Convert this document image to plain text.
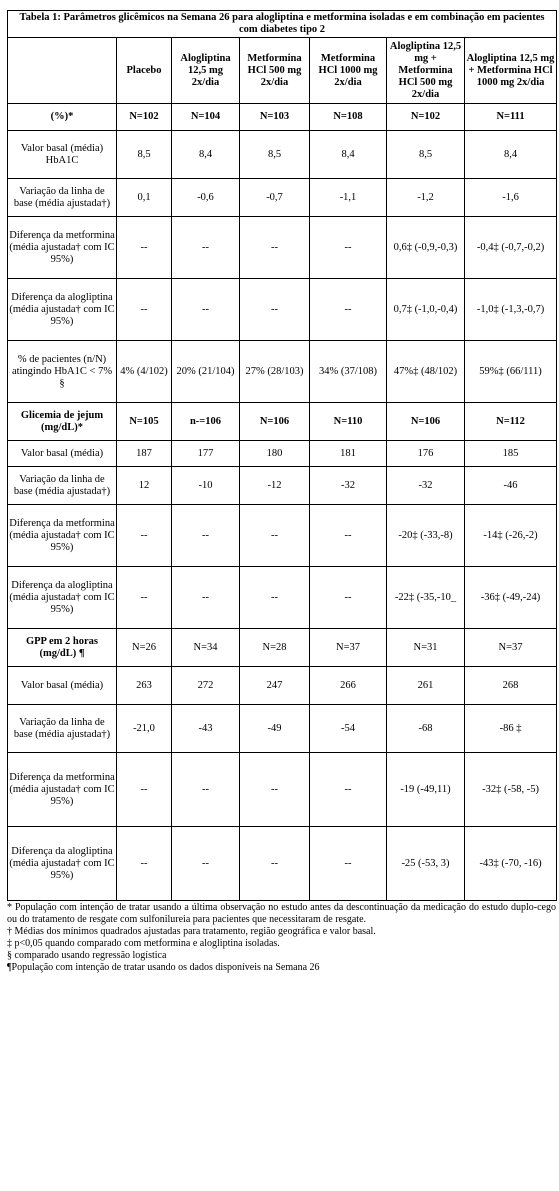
Tabela 1: Parâmetros glicêmicos na Semana 26 para alogliptina e metformina isoladas e em combinação em pacientes com diabetes tipo 2						
	Placebo	Alogliptina 12,5 mg 2x/dia	Metformina HCl 500 mg 2x/dia	Metformina HCl 1000 mg 2x/dia	Alogliptina 12,5 mg + Metformina HCl 500 mg 2x/dia	Alogliptina 12,5 mg + Metformina HCl 1000 mg 2x/dia
(%)*	N=102	N=104	N=103	N=108	N=102	N=111
Valor basal (média) HbA1C	8,5	8,4	8,5	8,4	8,5	8,4
Variação da linha de base (média ajustada†)	0,1	-0,6	-0,7	-1,1	-1,2	-1,6
Diferença da metformina (média ajustada† com IC 95%)	--	--	--	--	0,6‡ (-0,9,-0,3)	-0,4‡ (-0,7,-0,2)
Diferença da alogliptina (média ajustada† com IC 95%)	--	--	--	--	0,7‡ (-1,0,-0,4)	-1,0‡ (-1,3,-0,7)
% de pacientes (n/N) atingindo HbA1C < 7% §	4% (4/102)	20% (21/104)	27% (28/103)	34% (37/108)	47%‡ (48/102)	59%‡ (66/111)
Glicemia de jejum (mg/dL)*	N=105	n-=106	N=106	N=110	N=106	N=112
Valor basal (média)	187	177	180	181	176	185
Variação da linha de base (média ajustada†)	12	-10	-12	-32	-32	-46
Diferença da metformina (média ajustada† com IC 95%)	--	--	--	--	-20‡ (-33,-8)	-14‡ (-26,-2)
Diferença da alogliptina (média ajustada† com IC 95%)	--	--	--	--	-22‡ (-35,-10_	-36‡ (-49,-24)
GPP em 2 horas (mg/dL) ¶	N=26	N=34	N=28	N=37	N=31	N=37
Valor basal (média)	263	272	247	266	261	268
Variação da linha de base (média ajustada†)	-21,0	-43	-49	-54	-68	-86 ‡
Diferença da metformina (média ajustada† com IC 95%)	--	--	--	--	-19 (-49,11)	-32‡ (-58, -5)
Diferença da alogliptina (média ajustada† com IC 95%)	--	--	--	--	-25 (-53, 3)	-43‡ (-70, -16)
* População com intenção de tratar usando a última observação no estudo antes da descontinuação da medicação do estudo duplo-cego ou do tratamento de resgate com sulfonilureia para pacientes que necessitaram de resgate.
† Médias dos mínimos quadrados ajustadas para tratamento, região geográfica e valor basal.
‡ p<0,05 quando comparado com metformina e alogliptina isoladas.
§ comparado usando regressão logística
¶População com intenção de tratar usando os dados disponíveis na Semana 26
